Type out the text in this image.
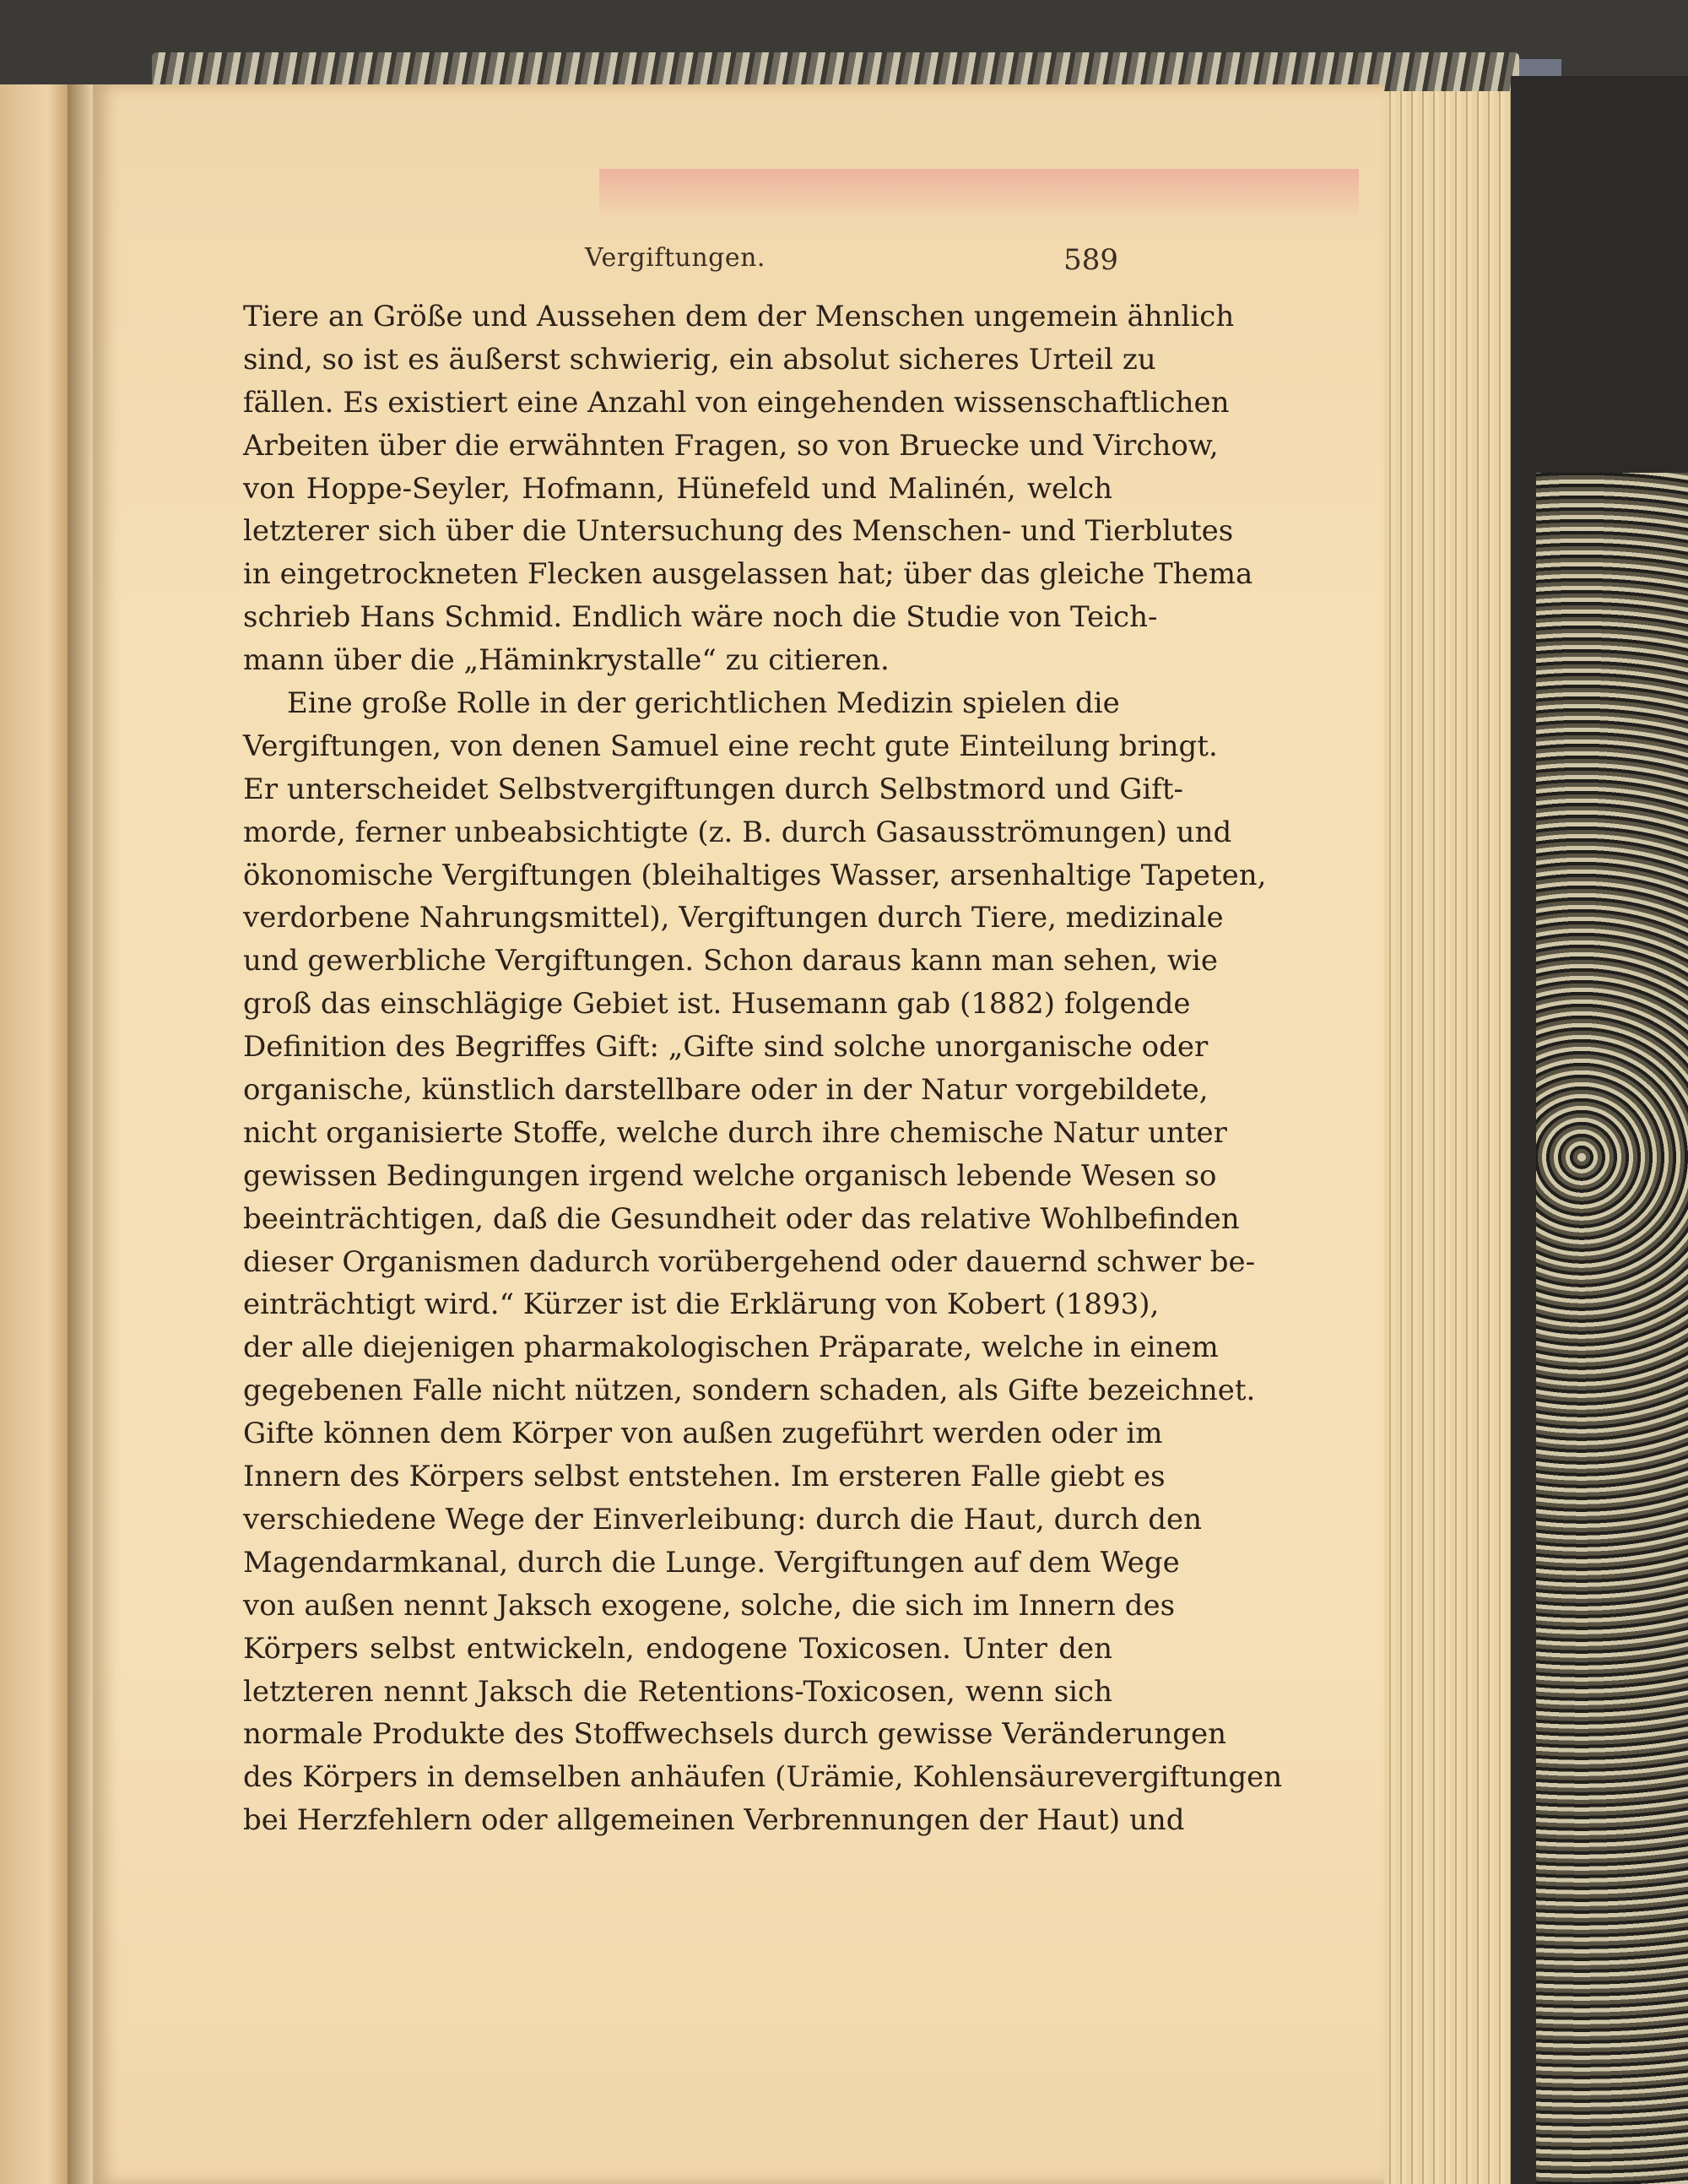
Vergiftungen.	589
Tiere an Größe und Aussehen dem der Menschen ungemein ähnlich
sind, so ist es äußerst schwierig, ein absolut sicheres Urteil zu
fällen. Es existiert eine Anzahl von eingehenden wissenschaftlichen
Arbeiten über die erwähnten Fragen, so von Bruecke und Virchow,
von Hoppe-Seyler, Hofmann, Hünefeld und Malinén, welch
letzterer sich über die Untersuchung des Menschen- und Tierblutes
in eingetrockneten Flecken ausgelassen hat; über das gleiche Thema
schrieb Hans Schmid. Endlich wäre noch die Studie von Teich-
mann über die „Häminkrystalle“ zu citieren.
Eine große Rolle in der gerichtlichen Medizin spielen die
Vergiftungen, von denen Samuel eine recht gute Einteilung bringt.
Er unterscheidet Selbstvergiftungen durch Selbstmord und Gift-
morde, ferner unbeabsichtigte (z. B. durch Gasausströmungen) und
ökonomische Vergiftungen (bleihaltiges Wasser, arsenhaltige Tapeten,
verdorbene Nahrungsmittel), Vergiftungen durch Tiere, medizinale
und gewerbliche Vergiftungen. Schon daraus kann man sehen, wie
groß das einschlägige Gebiet ist. Husemann gab (1882) folgende
Definition des Begriffes Gift: „Gifte sind solche unorganische oder
organische, künstlich darstellbare oder in der Natur vorgebildete,
nicht organisierte Stoffe, welche durch ihre chemische Natur unter
gewissen Bedingungen irgend welche organisch lebende Wesen so
beeinträchtigen, daß die Gesundheit oder das relative Wohlbefinden
dieser Organismen dadurch vorübergehend oder dauernd schwer be-
einträchtigt wird.“ Kürzer ist die Erklärung von Kobert (1893),
der alle diejenigen pharmakologischen Präparate, welche in einem
gegebenen Falle nicht nützen, sondern schaden, als Gifte bezeichnet.
Gifte können dem Körper von außen zugeführt werden oder im
Innern des Körpers selbst entstehen. Im ersteren Falle giebt es
verschiedene Wege der Einverleibung: durch die Haut, durch den
Magendarmkanal, durch die Lunge. Vergiftungen auf dem Wege
von außen nennt Jaksch exogene, solche, die sich im Innern des
Körpers selbst entwickeln, endogene Toxicosen. Unter den
letzteren nennt Jaksch die Retentions-Toxicosen, wenn sich
normale Produkte des Stoffwechsels durch gewisse Veränderungen
des Körpers in demselben anhäufen (Urämie, Kohlensäurevergiftungen
bei Herzfehlern oder allgemeinen Verbrennungen der Haut) und
